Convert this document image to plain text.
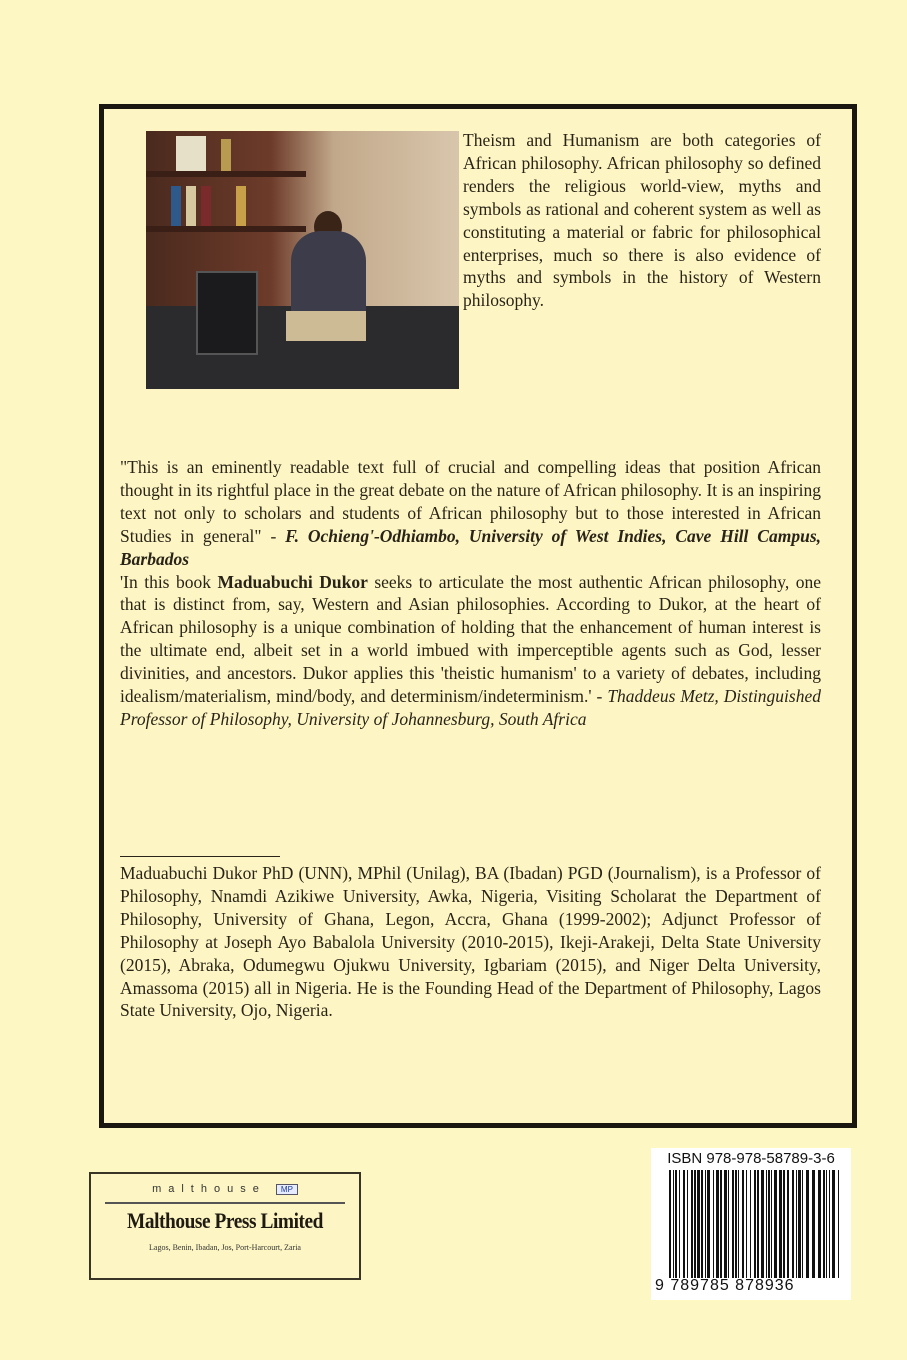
Theism and Humanism are both categories of African philosophy. African philosophy so defined renders the religious world-view, myths and symbols as rational and coherent system as well as constituting a material or fabric for philosophical enterprises, much so there is also evidence of myths and symbols in the history of Western philosophy.

"This is an eminently readable text full of crucial and compelling ideas that position African thought in its rightful place in the great debate on the nature of African philosophy. It is an inspiring text not only to scholars and students of African philosophy but to those interested in African Studies in general" - F. Ochieng'-Odhiambo, University of West Indies, Cave Hill Campus, Barbados

'In this book Maduabuchi Dukor seeks to articulate the most authentic African philosophy, one that is distinct from, say, Western and Asian philosophies. According to Dukor, at the heart of African philosophy is a unique combination of holding that the enhancement of human interest is the ultimate end, albeit set in a world imbued with imperceptible agents such as God, lesser divinities, and ancestors. Dukor applies this 'theistic humanism' to a variety of debates, including idealism/materialism, mind/body, and determinism/indeterminism.' - Thaddeus Metz, Distinguished Professor of Philosophy, University of Johannesburg, South Africa

Maduabuchi Dukor PhD (UNN), MPhil (Unilag), BA (Ibadan) PGD (Journalism), is a Professor of Philosophy, Nnamdi Azikiwe University, Awka, Nigeria, Visiting Scholarat the Department of Philosophy, University of Ghana, Legon, Accra, Ghana (1999-2002); Adjunct Professor of Philosophy at Joseph Ayo Babalola University (2010-2015), Ikeji-Arakeji, Delta State University (2015), Abraka, Odumegwu Ojukwu University, Igbariam (2015), and Niger Delta University, Amassoma (2015) all in Nigeria. He is the Founding Head of the Department of Philosophy, Lagos State University, Ojo, Nigeria.
malthouse MP
Malthouse Press Limited
Lagos, Benin, Ibadan, Jos, Port-Harcourt, Zaria
ISBN 978-978-58789-3-6
9 789785 878936
